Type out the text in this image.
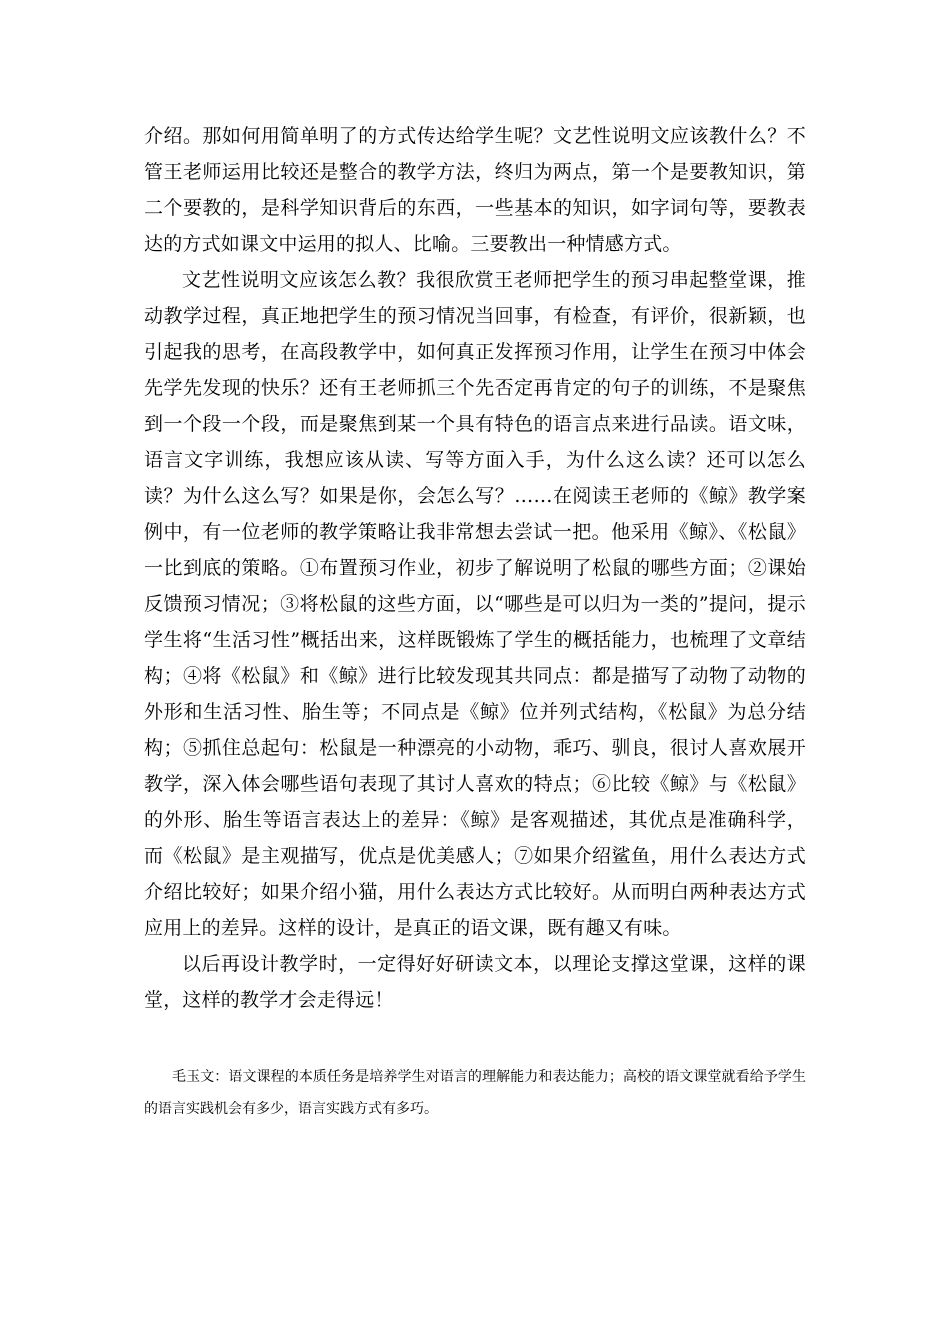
介绍。那如何用简单明了的方式传达给学生呢？文艺性说明文应该教什么？不管王老师运用比较还是整合的教学方法，终归为两点，第一个是要教知识，第二个要教的，是科学知识背后的东西，一些基本的知识，如字词句等，要教表达的方式如课文中运用的拟人、比喻。三要教出一种情感方式。

文艺性说明文应该怎么教？我很欣赏王老师把学生的预习串起整堂课，推动教学过程，真正地把学生的预习情况当回事，有检查，有评价，很新颖，也引起我的思考，在高段教学中，如何真正发挥预习作用，让学生在预习中体会先学先发现的快乐？还有王老师抓三个先否定再肯定的句子的训练，不是聚焦到一个段一个段，而是聚焦到某一个具有特色的语言点来进行品读。语文味，语言文字训练，我想应该从读、写等方面入手，为什么这么读？还可以怎么读？为什么这么写？如果是你，会怎么写？……在阅读王老师的《鲸》教学案例中，有一位老师的教学策略让我非常想去尝试一把。他采用《鲸》、《松鼠》一比到底的策略。①布置预习作业，初步了解说明了松鼠的哪些方面；②课始反馈预习情况；③将松鼠的这些方面，以“哪些是可以归为一类的”提问，提示学生将“生活习性”概括出来，这样既锻炼了学生的概括能力，也梳理了文章结构；④将《松鼠》和《鲸》进行比较发现其共同点：都是描写了动物了动物的外形和生活习性、胎生等；不同点是《鲸》位并列式结构，《松鼠》为总分结构；⑤抓住总起句：松鼠是一种漂亮的小动物，乖巧、驯良，很讨人喜欢展开教学，深入体会哪些语句表现了其讨人喜欢的特点；⑥比较《鲸》与《松鼠》的外形、胎生等语言表达上的差异：《鲸》是客观描述，其优点是准确科学，而《松鼠》是主观描写，优点是优美感人；⑦如果介绍鲨鱼，用什么表达方式介绍比较好；如果介绍小猫，用什么表达方式比较好。从而明白两种表达方式应用上的差异。这样的设计，是真正的语文课，既有趣又有味。

以后再设计教学时，一定得好好研读文本，以理论支撑这堂课，这样的课堂，这样的教学才会走得远！

毛玉文：语文课程的本质任务是培养学生对语言的理解能力和表达能力；高校的语文课堂就看给予学生的语言实践机会有多少，语言实践方式有多巧。
